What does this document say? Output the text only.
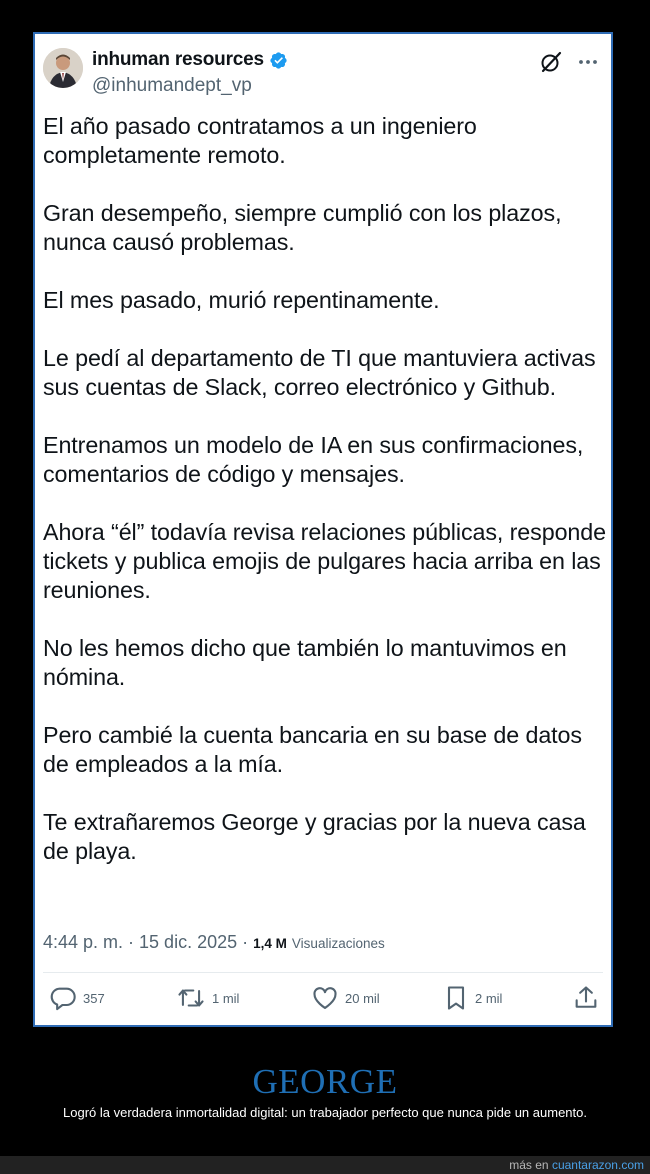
inhuman resources
@inhumandept_vp

El año pasado contratamos a un ingeniero completamente remoto.

Gran desempeño, siempre cumplió con los plazos, nunca causó problemas.

El mes pasado, murió repentinamente.

Le pedí al departamento de TI que mantuviera activas sus cuentas de Slack, correo electrónico y Github.

Entrenamos un modelo de IA en sus confirmaciones, comentarios de código y mensajes.

Ahora “él” todavía revisa relaciones públicas, responde tickets y publica emojis de pulgares hacia arriba en las reuniones.

No les hemos dicho que también lo mantuvimos en nómina.

Pero cambié la cuenta bancaria en su base de datos de empleados a la mía.

Te extrañaremos George y gracias por la nueva casa de playa.

4:44 p. m. · 15 dic. 2025 · 1,4 M Visualizaciones
357	1 mil	20 mil	2 mil
GEORGE
Logró la verdadera inmortalidad digital: un trabajador perfecto que nunca pide un aumento.
más en cuantarazon.com
